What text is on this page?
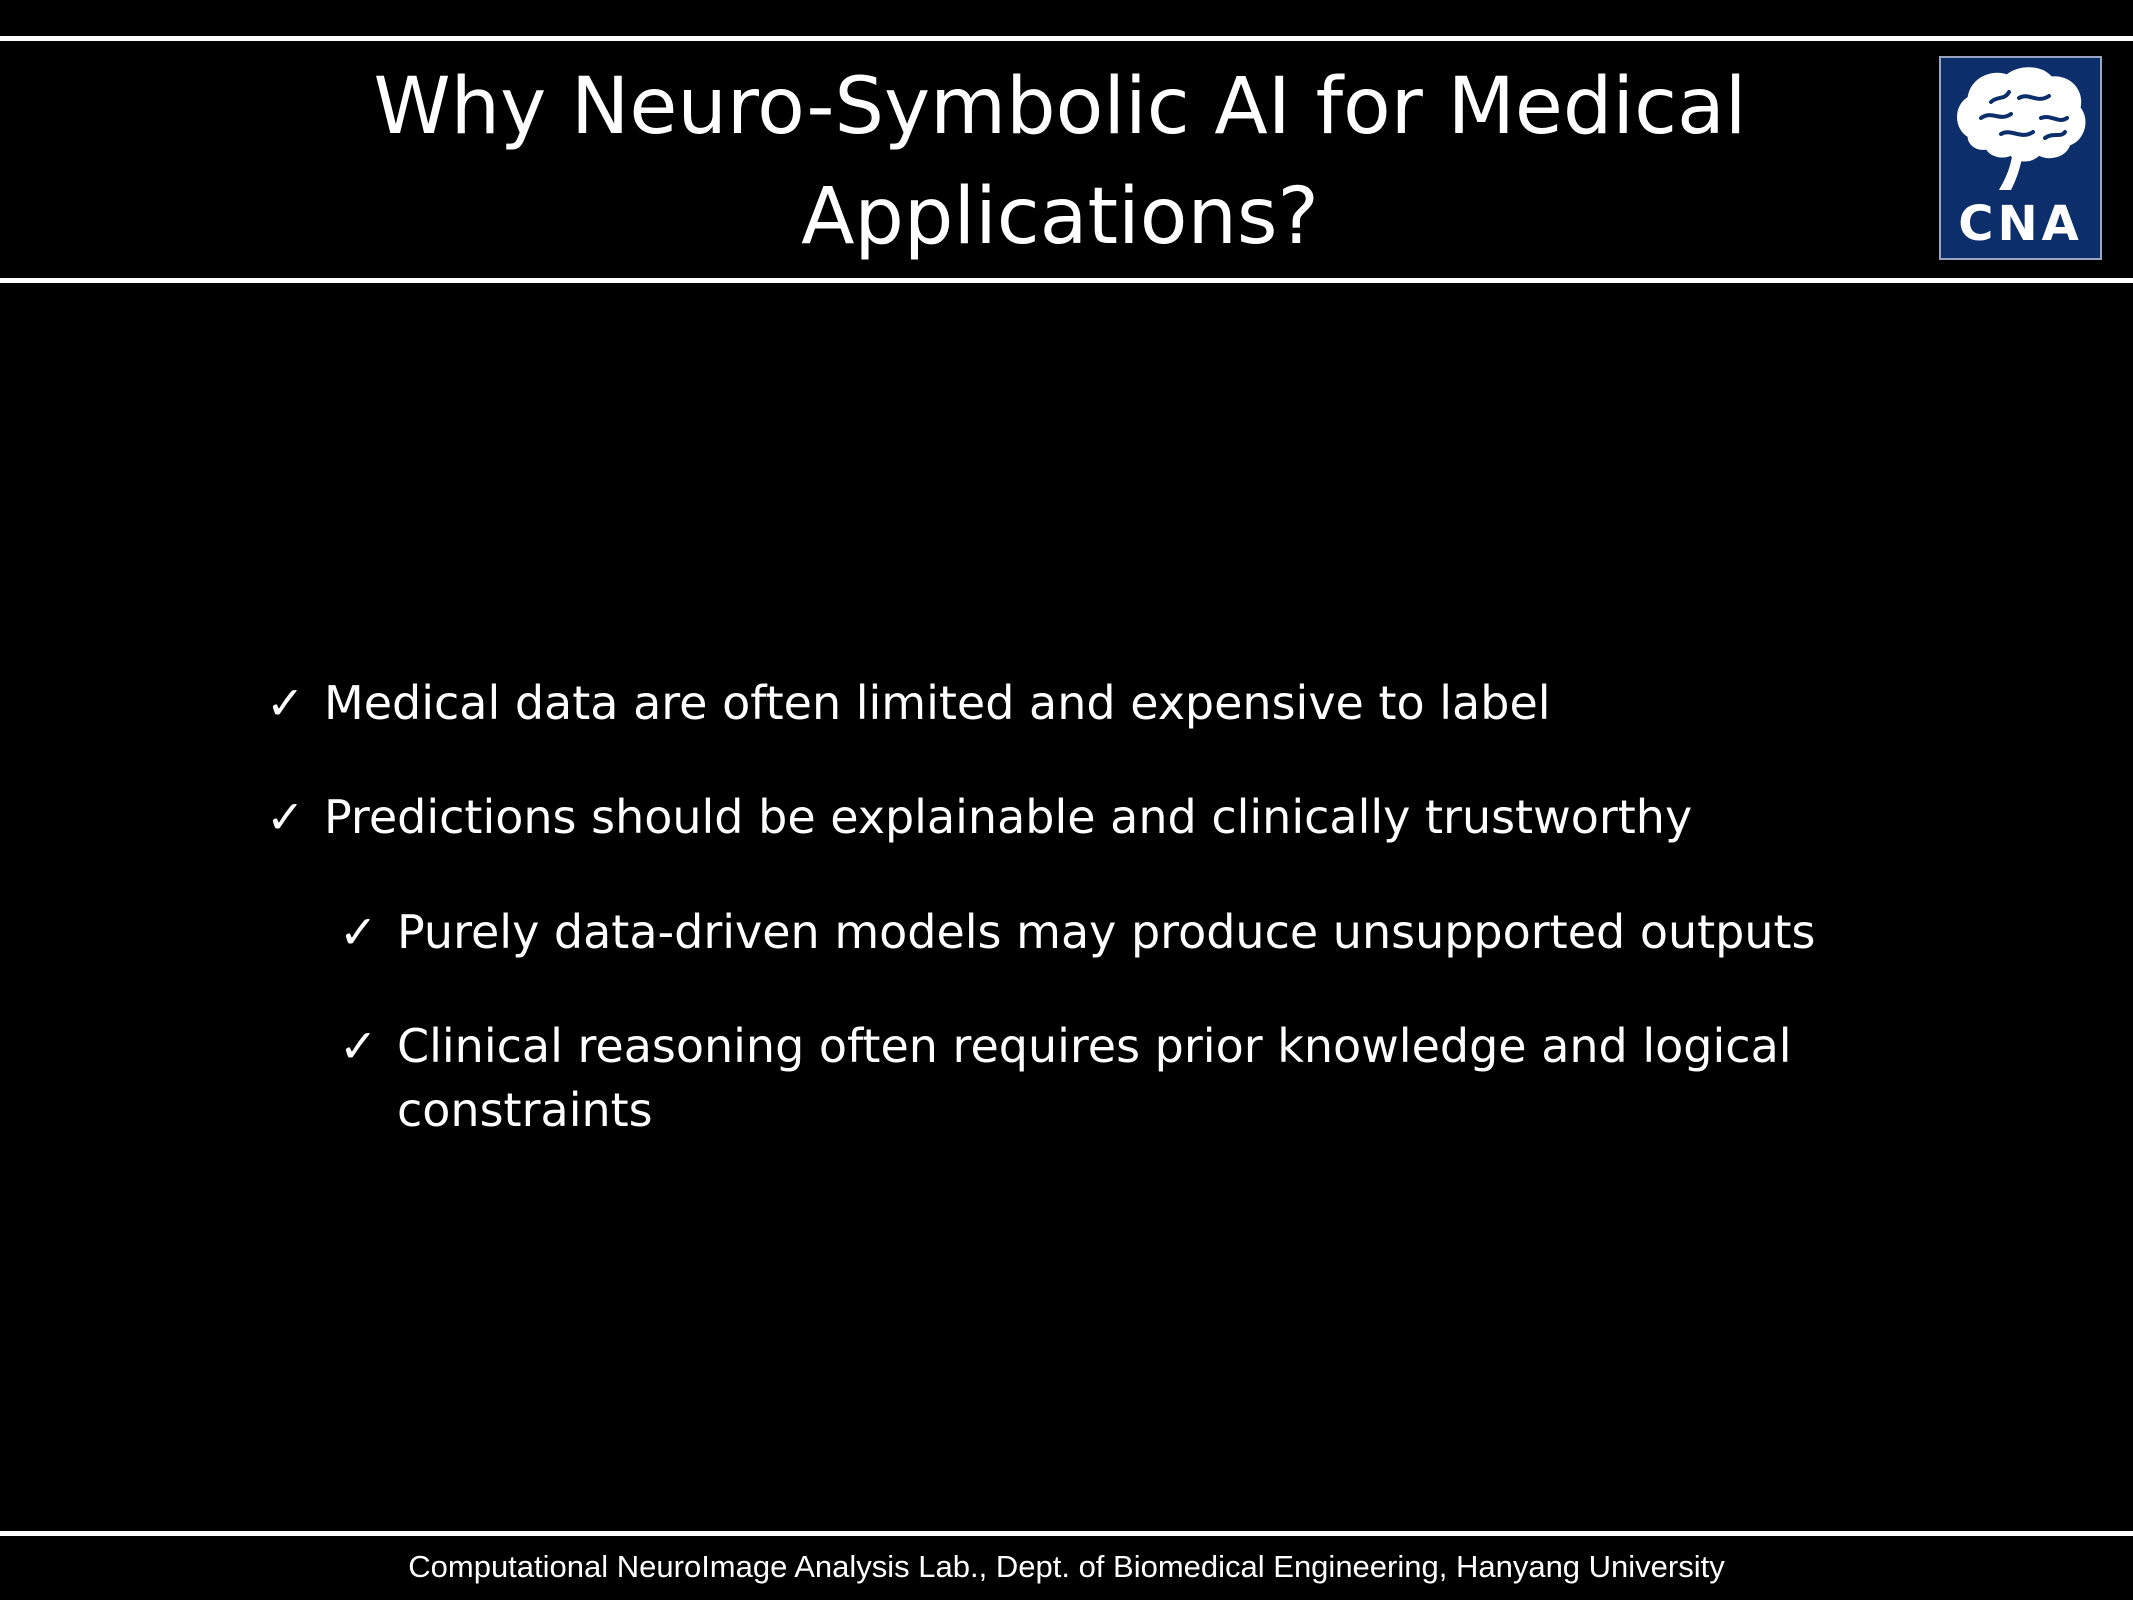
Why Neuro-Symbolic AI for Medical Applications?	CNA
✓ Medical data are often limited and expensive to label
✓ Predictions should be explainable and clinically trustworthy
✓ Purely data-driven models may produce unsupported outputs
✓ Clinical reasoning often requires prior knowledge and logical constraints
Computational NeuroImage Analysis Lab., Dept. of Biomedical Engineering, Hanyang University
